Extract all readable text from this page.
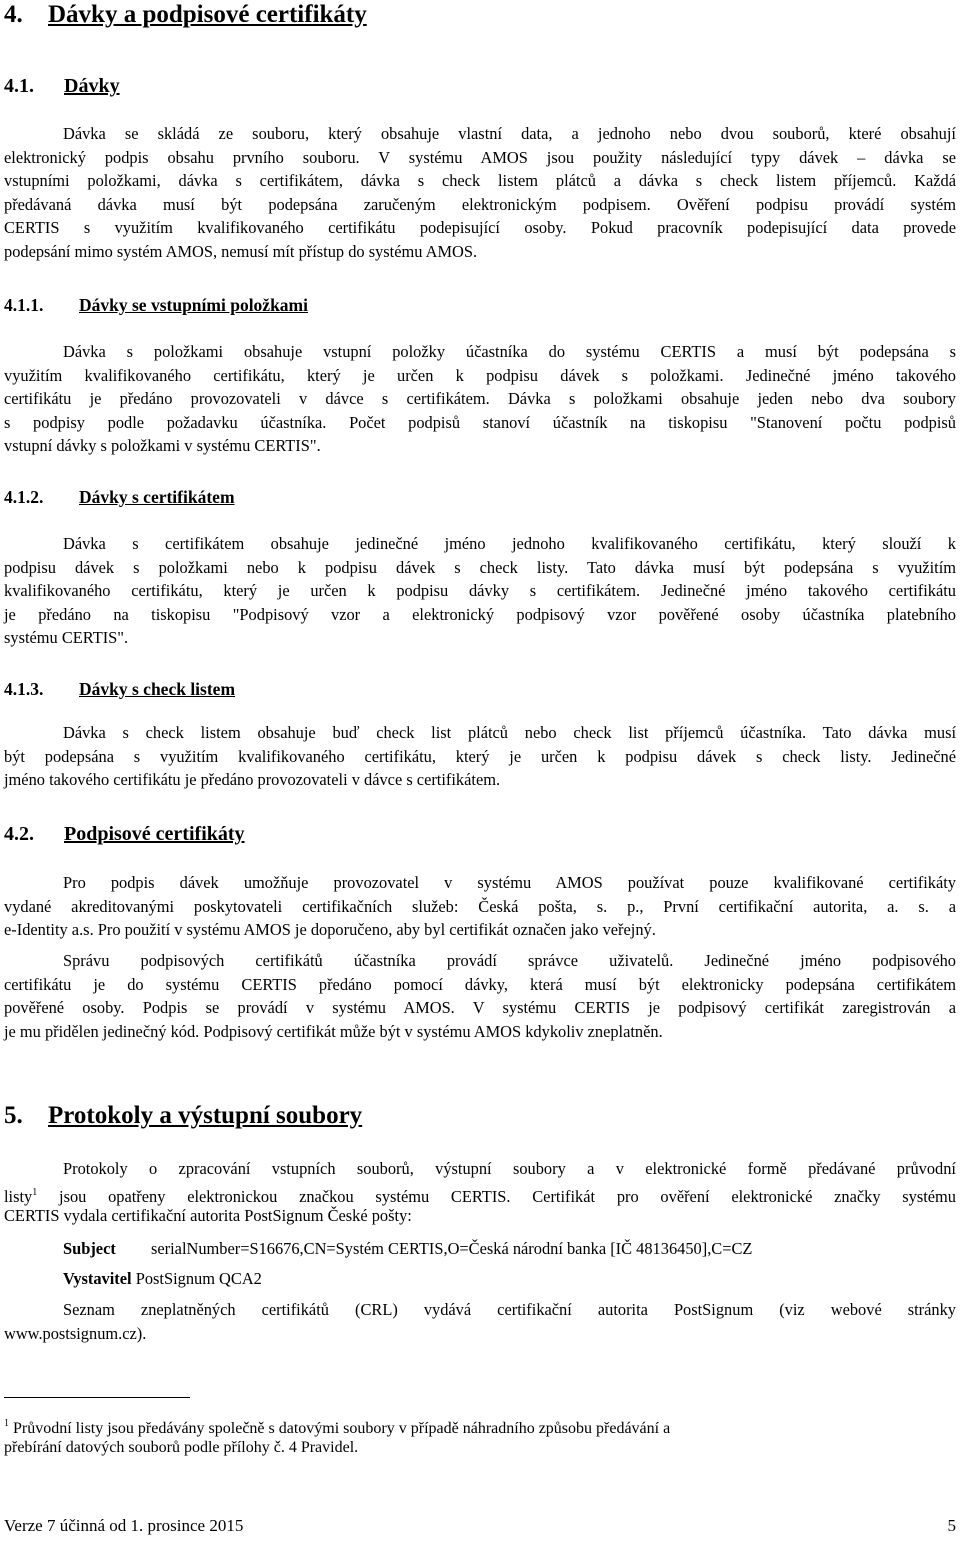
4. Dávky a podpisové certifikáty
4.1. Dávky
Dávka se skládá ze souboru, který obsahuje vlastní data, a jednoho nebo dvou souborů, které obsahují
elektronický podpis obsahu prvního souboru. V systému AMOS jsou použity následující typy dávek – dávka se
vstupními položkami, dávka s certifikátem, dávka s check listem plátců a dávka s check listem příjemců. Každá
předávaná dávka musí být podepsána zaručeným elektronickým podpisem. Ověření podpisu provádí systém
CERTIS s využitím kvalifikovaného certifikátu podepisující osoby. Pokud pracovník podepisující data provede
podepsání mimo systém AMOS, nemusí mít přístup do systému AMOS.
4.1.1. Dávky se vstupními položkami
Dávka s položkami obsahuje vstupní položky účastníka do systému CERTIS a musí být podepsána s
využitím kvalifikovaného certifikátu, který je určen k podpisu dávek s položkami. Jedinečné jméno takového
certifikátu je předáno provozovateli v dávce s certifikátem. Dávka s položkami obsahuje jeden nebo dva soubory
s podpisy podle požadavku účastníka. Počet podpisů stanoví účastník na tiskopisu "Stanovení počtu podpisů
vstupní dávky s položkami v systému CERTIS".
4.1.2. Dávky s certifikátem
Dávka s certifikátem obsahuje jedinečné jméno jednoho kvalifikovaného certifikátu, který slouží k
podpisu dávek s položkami nebo k podpisu dávek s check listy. Tato dávka musí být podepsána s využitím
kvalifikovaného certifikátu, který je určen k podpisu dávky s certifikátem. Jedinečné jméno takového certifikátu
je předáno na tiskopisu "Podpisový vzor a elektronický podpisový vzor pověřené osoby účastníka platebního
systému CERTIS".
4.1.3. Dávky s check listem
Dávka s check listem obsahuje buď check list plátců nebo check list příjemců účastníka. Tato dávka musí
být podepsána s využitím kvalifikovaného certifikátu, který je určen k podpisu dávek s check listy. Jedinečné
jméno takového certifikátu je předáno provozovateli v dávce s certifikátem.
4.2. Podpisové certifikáty
Pro podpis dávek umožňuje provozovatel v systému AMOS používat pouze kvalifikované certifikáty
vydané akreditovanými poskytovateli certifikačních služeb: Česká pošta, s. p., První certifikační autorita, a. s. a
e-Identity a.s. Pro použití v systému AMOS je doporučeno, aby byl certifikát označen jako veřejný.
Správu podpisových certifikátů účastníka provádí správce uživatelů. Jedinečné jméno podpisového
certifikátu je do systému CERTIS předáno pomocí dávky, která musí být elektronicky podepsána certifikátem
pověřené osoby. Podpis se provádí v systému AMOS. V systému CERTIS je podpisový certifikát zaregistrován a
je mu přidělen jedinečný kód. Podpisový certifikát může být v systému AMOS kdykoliv zneplatněn.
5. Protokoly a výstupní soubory
Protokoly o zpracování vstupních souborů, výstupní soubory a v elektronické formě předávané průvodní
listy$^1$ jsou opatřeny elektronickou značkou systému CERTIS. Certifikát pro ověření elektronické značky systému
CERTIS vydala certifikační autorita PostSignum České pošty:
Subject serialNumber=S16676,CN=Systém CERTIS,O=Česká národní banka [IČ 48136450],C=CZ
Vystavitel PostSignum QCA2
Seznam zneplatněných certifikátů (CRL) vydává certifikační autorita PostSignum (viz webové stránky
www.postsignum.cz).
$^1$ Průvodní listy jsou předávány společně s datovými soubory v případě náhradního způsobu předávání a
přebírání datových souborů podle přílohy č. 4 Pravidel.
Verze 7 účinná od 1. prosince 2015	5
